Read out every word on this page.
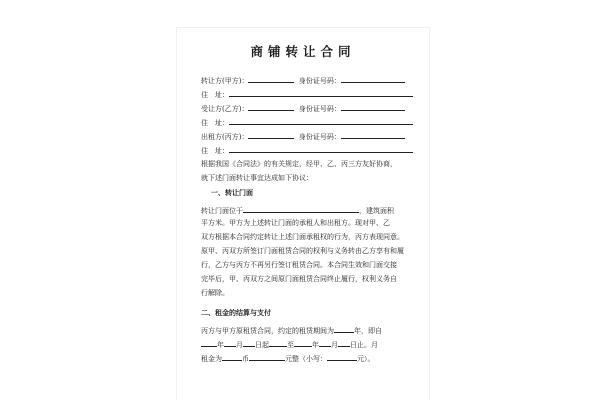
商铺转让合同
转让方(甲方)：	身份证号码：
住　址：
受让方(乙方)：	身份证号码：
住　址：
出租方(丙方)：	身份证号码：
住　址：
根据我国《合同法》的有关规定，经甲、乙、丙三方友好协商，
就下述门面转让事宜达成如下协议：
一、转让门面
转让门面位于	，建筑面积
平方米。甲方为上述转让门面的承租人和出租方。现对甲、乙
双方根据本合同约定转让上述门面承租权的行为，丙方表现同意。
原甲、丙双方所签订门面租赁合同的权利与义务转由乙方享有和履
行，乙方与丙方不再另行签订租赁合同。本合同生效和门面交接
完毕后，甲、丙双方之间原门面租赁合同终止履行，权利义务自
行解除。
二、租金的结算与支付
丙方与甲方原租赁合同，约定的租赁期间为	年，即自
年 月 日起	至	年 月 日止。月
租金为	币	元整（小写：	元）。
